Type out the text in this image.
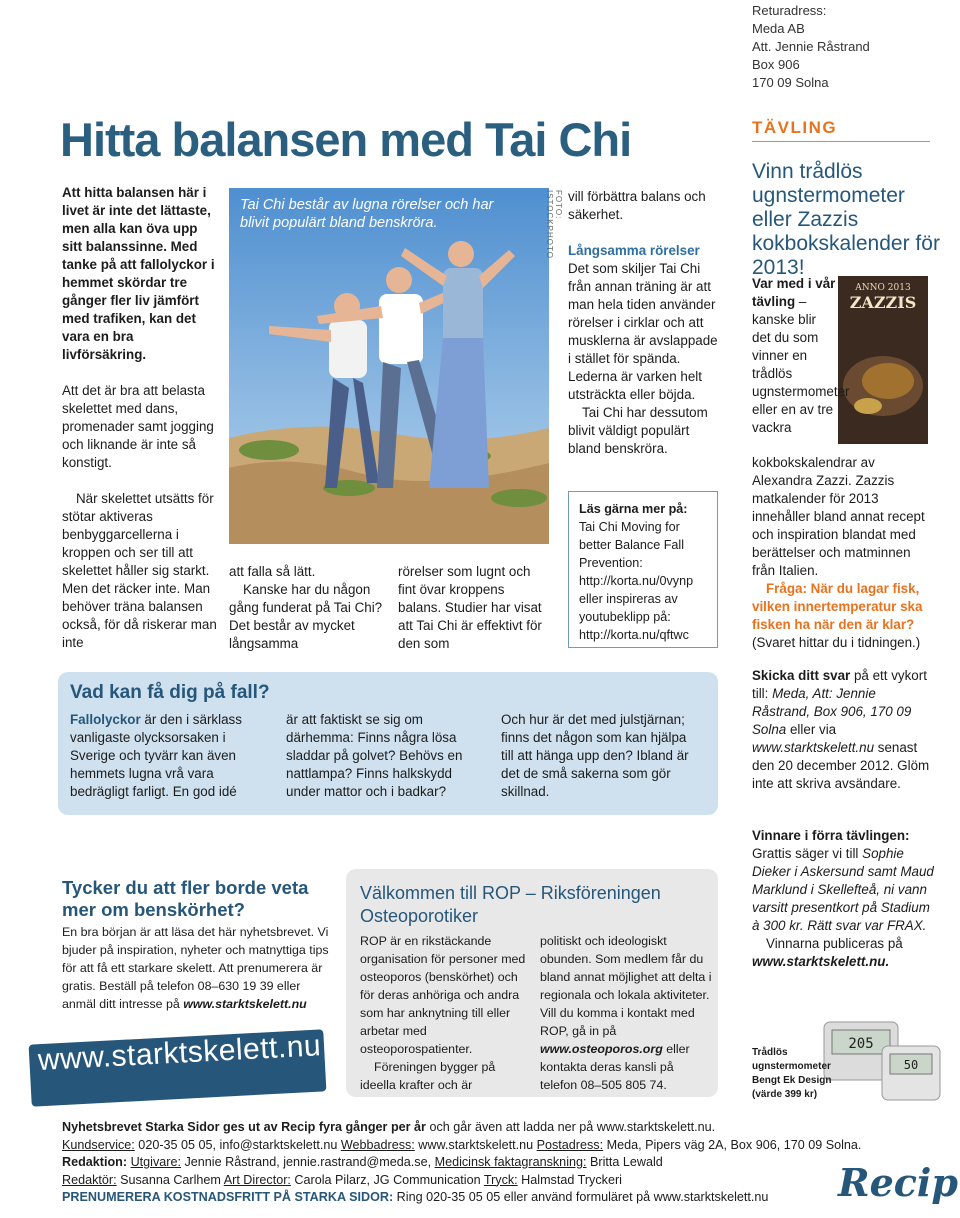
Returadress:
Meda AB
Att. Jennie Råstrand
Box 906
170 09 Solna
Hitta balansen med Tai Chi

Att hitta balansen här i livet är inte det lättaste, men alla kan öva upp sitt balanssinne. Med tanke på att fallolyckor i hemmet skördar tre gånger fler liv jämfört med trafiken, kan det vara en bra livförsäkring.

Att det är bra att belasta skelettet med dans, promenader samt jogging och liknande är inte så konstigt.

När skelettet utsätts för stötar aktiveras benbyggarcellerna i kroppen och ser till att skelettet håller sig starkt. Men det räcker inte. Man behöver träna balansen också, för då riskerar man inte

Tai Chi består av lugna rörelser och har blivit populärt bland benskröra.
FOTO: ISTOCKPHOTO
att falla så lätt.
Kanske har du någon gång funderat på Tai Chi? Det består av mycket långsamma
rörelser som lugnt och fint övar kroppens balans. Studier har visat att Tai Chi är effektivt för den som
vill förbättra balans och säkerhet.
Långsamma rörelser
Det som skiljer Tai Chi från annan träning är att man hela tiden använder rörelser i cirklar och att musklerna är avslappade i stället för spända. Lederna är varken helt utsträckta eller böjda.
Tai Chi har dessutom blivit väldigt populärt bland benskröra.
Läs gärna mer på:
Tai Chi Moving for better Balance Fall Prevention: http://korta.nu/0vynp eller inspireras av youtubeklipp på: http://korta.nu/qftwc
Vad kan få dig på fall?
Fallolyckor är den i särklass vanligaste olycksorsaken i Sverige och tyvärr kan även hemmets lugna vrå vara bedrägligt farligt. En god idé
är att faktiskt se sig om därhemma: Finns några lösa sladdar på golvet? Behövs en nattlampa? Finns halkskydd under mattor och i badkar?
Och hur är det med julstjärnan; finns det någon som kan hjälpa till att hänga upp den? Ibland är det de små sakerna som gör skillnad.
Tycker du att fler borde veta mer om benskörhet?
En bra början är att läsa det här nyhetsbrevet. Vi bjuder på inspiration, nyheter och matnyttiga tips för att få ett starkare skelett. Att prenumerera är gratis. Beställ på telefon 08–630 19 39 eller anmäl ditt intresse på www.starktskelett.nu
www.starktskelett.nu
Välkommen till ROP – Riksföreningen Osteoporotiker
ROP är en rikstäckande organisation för personer med osteoporos (benskörhet) och för deras anhöriga och andra som har anknytning till eller arbetar med osteoporospatienter.
Föreningen bygger på ideella krafter och är
politiskt och ideologiskt obunden. Som medlem får du bland annat möjlighet att delta i regionala och lokala aktiviteter. Vill du komma i kontakt med ROP, gå in på www.osteoporos.org eller kontakta deras kansli på telefon 08–505 805 74.
TÄVLING
Vinn trådlös ugnstermometer eller Zazzis kokbokskalender för 2013!
ANNO 2013
ZAZZIS
Var med i vår tävling – kanske blir det du som vinner en trådlös ugnstermometer eller en av tre vackra
kokbokskalendrar av Alexandra Zazzi. Zazzis matkalender för 2013 innehåller bland annat recept och inspiration blandat med berättelser och matminnen från Italien.
Fråga: När du lagar fisk, vilken innertemperatur ska fisken ha när den är klar?
(Svaret hittar du i tidningen.)
Skicka ditt svar på ett vykort till: Meda, Att: Jennie Råstrand, Box 906, 170 09 Solna eller via www.starktskelett.nu senast den 20 december 2012. Glöm inte att skriva avsändare.
Vinnare i förra tävlingen: Grattis säger vi till Sophie Dieker i Askersund samt Maud Marklund i Skellefteå, ni vann varsitt presentkort på Stadium à 300 kr. Rätt svar var FRAX.
Vinnarna publiceras på www.starktskelett.nu.
205
50
Trådlös ugnstermometer Bengt Ek Design (värde 399 kr)
Nyhetsbrevet Starka Sidor ges ut av Recip fyra gånger per år och går även att ladda ner på www.starktskelett.nu.
Kundservice: 020-35 05 05, info@starktskelett.nu Webbadress: www.starktskelett.nu Postadress: Meda, Pipers väg 2A, Box 906, 170 09 Solna.
Redaktion: Utgivare: Jennie Råstrand, jennie.rastrand@meda.se, Medicinsk faktagranskning: Britta Lewald
Redaktör: Susanna Carlhem Art Director: Carola Pilarz, JG Communication Tryck: Halmstad Tryckeri
PRENUMERERA KOSTNADSFRITT PÅ STARKA SIDOR: Ring 020-35 05 05 eller använd formuläret på www.starktskelett.nu	Recip
